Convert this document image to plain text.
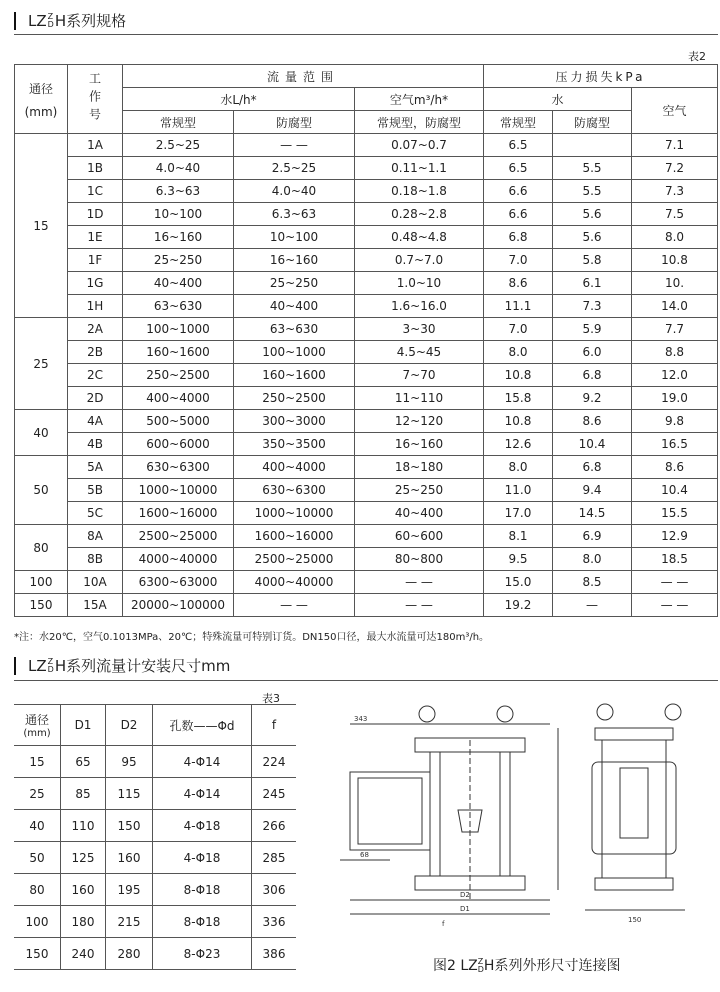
LZ Z
D H系列规格
表2
通径
(mm)	工作号	流量范围			压力损失kPa		
		水L/h*		空气m³/h*	水		空气
		常规型	防腐型	常规型，防腐型	常规型	防腐型	
15	1A	2.5~25	— —	0.07~0.7	6.5		7.1
	1B	4.0~40	2.5~25	0.11~1.1	6.5	5.5	7.2
	1C	6.3~63	4.0~40	0.18~1.8	6.6	5.5	7.3
	1D	10~100	6.3~63	0.28~2.8	6.6	5.6	7.5
	1E	16~160	10~100	0.48~4.8	6.8	5.6	8.0
	1F	25~250	16~160	0.7~7.0	7.0	5.8	10.8
	1G	40~400	25~250	1.0~10	8.6	6.1	10.
	1H	63~630	40~400	1.6~16.0	11.1	7.3	14.0
25	2A	100~1000	63~630	3~30	7.0	5.9	7.7
	2B	160~1600	100~1000	4.5~45	8.0	6.0	8.8
	2C	250~2500	160~1600	7~70	10.8	6.8	12.0
	2D	400~4000	250~2500	11~110	15.8	9.2	19.0
40	4A	500~5000	300~3000	12~120	10.8	8.6	9.8
	4B	600~6000	350~3500	16~160	12.6	10.4	16.5
50	5A	630~6300	400~4000	18~180	8.0	6.8	8.6
	5B	1000~10000	630~6300	25~250	11.0	9.4	10.4
	5C	1600~16000	1000~10000	40~400	17.0	14.5	15.5
80	8A	2500~25000	1600~16000	60~600	8.1	6.9	12.9
	8B	4000~40000	2500~25000	80~800	9.5	8.0	18.5
100	10A	6300~63000	4000~40000	— —	15.0	8.5	— —
150	15A	20000~100000	— —	— —	19.2	—	— —
*注：水20℃，空气0.1013MPa、20℃；特殊流量可特别订货。DN150口径，最大水流量可达180m³/h。
LZ Z
D H系列流量计安装尺寸mm
表3
通径
(mm)	D1	D2	孔数——Φd	f
15	65	95	4-Φ14	224
25	85	115	4-Φ14	245
40	110	150	4-Φ18	266
50	125	160	4-Φ18	285
80	160	195	8-Φ18	306
100	180	215	8-Φ18	336
150	240	280	8-Φ23	386
343
D2
D1
f	150
68
图2 LZ Z
D H系列外形尺寸连接图
